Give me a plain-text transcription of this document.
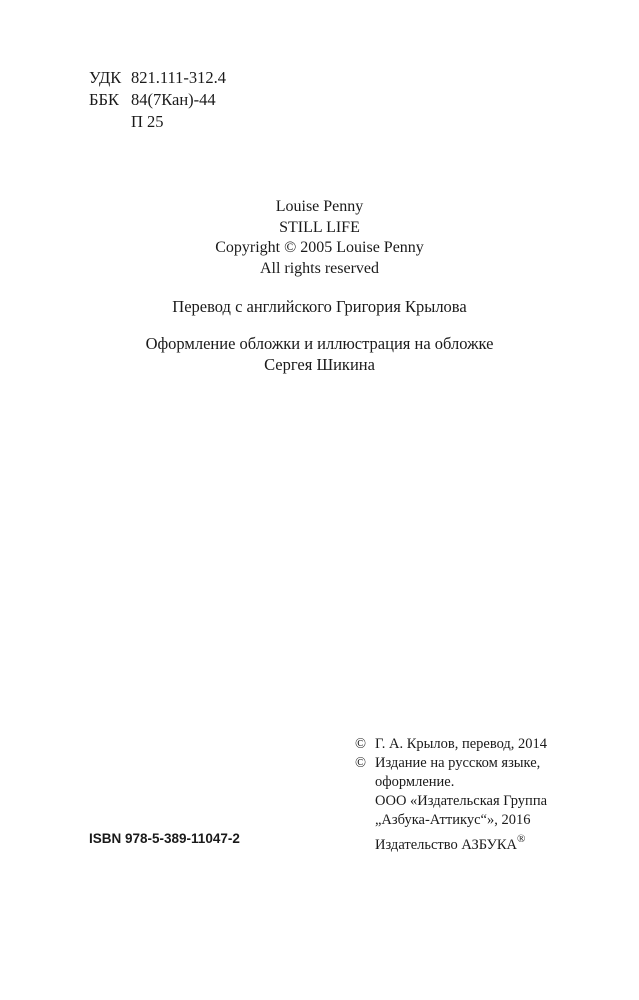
УДК 821.111-312.4
ББК 84(7Кан)-44
П 25
Louise Penny
STILL LIFE
Copyright © 2005 Louise Penny
All rights reserved
Перевод с английского Григория Крылова
Оформление обложки и иллюстрация на обложке
Сергея Шикина
© Г. А. Крылов, перевод, 2014
© Издание на русском языке,
оформление.
ООО «Издательская Группа
„Азбука-Аттикус“», 2016
Издательство АЗБУКА®
ISBN 978-5-389-11047-2
